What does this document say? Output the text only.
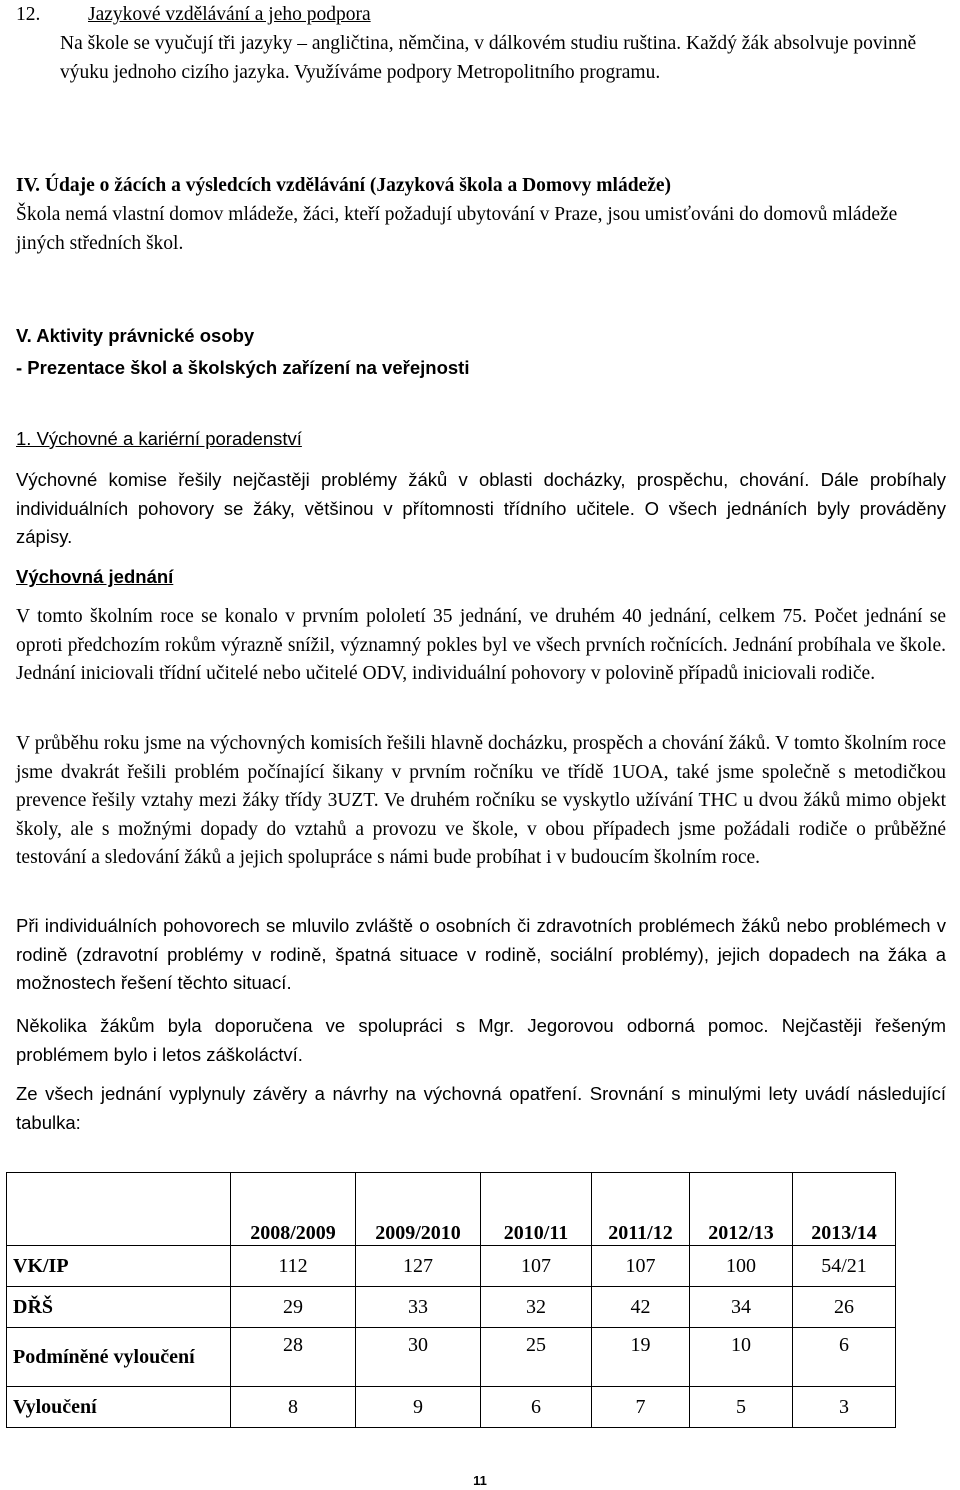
12. Jazykové vzdělávání a jeho podpora
Na škole se vyučují tři jazyky – angličtina, němčina, v dálkovém studiu ruština. Každý žák absolvuje povinně výuku jednoho cizího jazyka. Využíváme podpory Metropolitního programu.
IV. Údaje o žácích a výsledcích vzdělávání (Jazyková škola a Domovy mládeže)
Škola nemá vlastní domov mládeže, žáci, kteří požadují ubytování v Praze, jsou umisťováni do domovů mládeže jiných středních škol.
V. Aktivity právnické osoby
- Prezentace škol a školských zařízení na veřejnosti
1. Výchovné a kariérní poradenství
Výchovné komise řešily nejčastěji problémy žáků v oblasti docházky, prospěchu, chování. Dále probíhaly individuálních pohovory se žáky, většinou v přítomnosti třídního učitele. O všech jednáních byly prováděny zápisy.
Výchovná jednání
V tomto školním roce se konalo v prvním pololetí 35 jednání, ve druhém 40 jednání, celkem 75. Počet jednání se oproti předchozím rokům výrazně snížil, významný pokles byl ve všech prvních ročnících. Jednání probíhala ve škole. Jednání iniciovali třídní učitelé nebo učitelé ODV, individuální pohovory v polovině případů iniciovali rodiče.
V průběhu roku jsme na výchovných komisích řešili hlavně docházku, prospěch a chování žáků. V tomto školním roce jsme dvakrát řešili problém počínající šikany v prvním ročníku ve třídě 1UOA, také jsme společně s metodičkou prevence řešily vztahy mezi žáky třídy 3UZT. Ve druhém ročníku se vyskytlo užívání THC u dvou žáků mimo objekt školy, ale s možnými dopady do vztahů a provozu ve škole, v obou případech jsme požádali rodiče o průběžné testování a sledování žáků a jejich spolupráce s námi bude probíhat i v budoucím školním roce.
Při individuálních pohovorech se mluvilo zvláště o osobních či zdravotních problémech žáků nebo problémech v rodině (zdravotní problémy v rodině, špatná situace v rodině, sociální problémy), jejich dopadech na žáka a možnostech řešení těchto situací.
Několika žákům byla doporučena ve spolupráci s Mgr. Jegorovou odborná pomoc. Nejčastěji řešeným problémem bylo i letos záškoláctví.
Ze všech jednání vyplynuly závěry a návrhy na výchovná opatření. Srovnání s minulými lety uvádí následující tabulka:
	2008/2009	2009/2010	2010/11	2011/12	2012/13	2013/14
VK/IP	112	127	107	107	100	54/21
DŘŠ	29	33	32	42	34	26
Podmíněné vyloučení	28	30	25	19	10	6
Vyloučení	8	9	6	7	5	3
11
